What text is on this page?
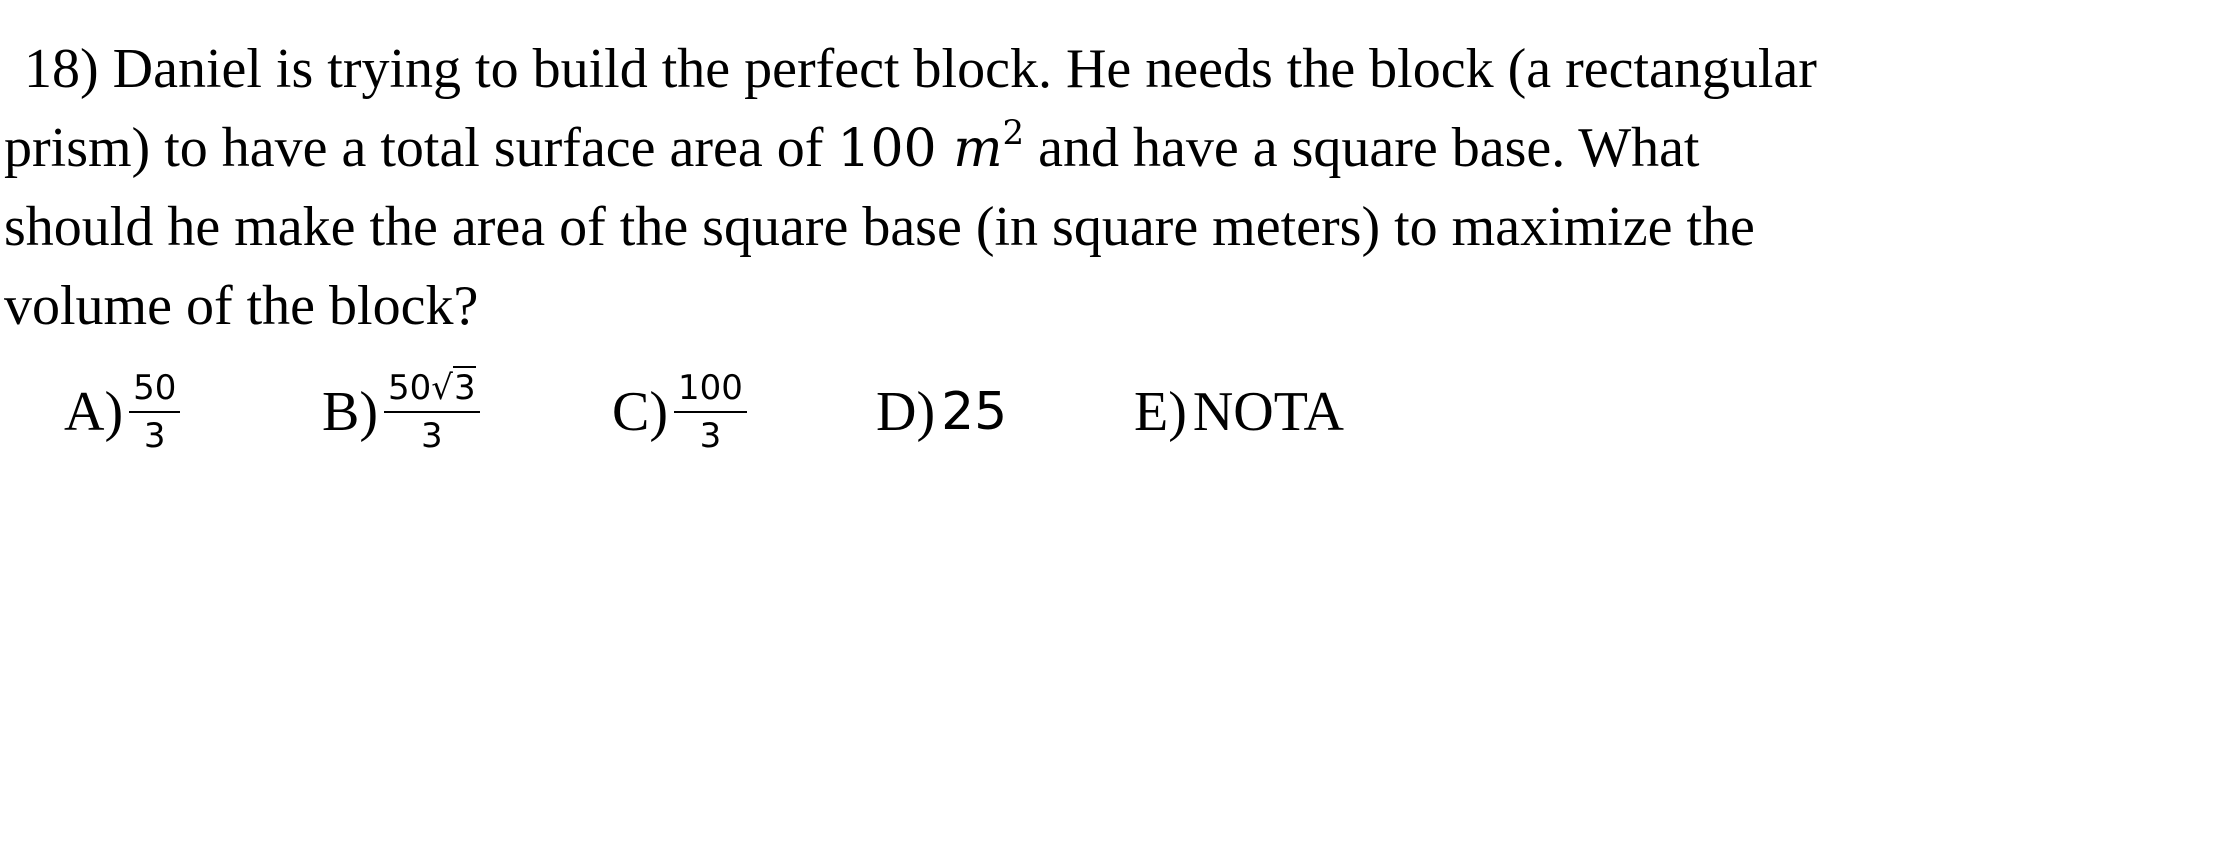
18) Daniel is trying to build the perfect block. He needs the block (a rectangular
prism) to have a total surface area of 100 $m^2$ and have a square base. What
should he make the area of the square base (in square meters) to maximize the
volume of the block?
$A) \frac{50}{3}$	$B) \frac{50√3}{3} C) \frac{100}{3} D$) 25 E) NOTA
